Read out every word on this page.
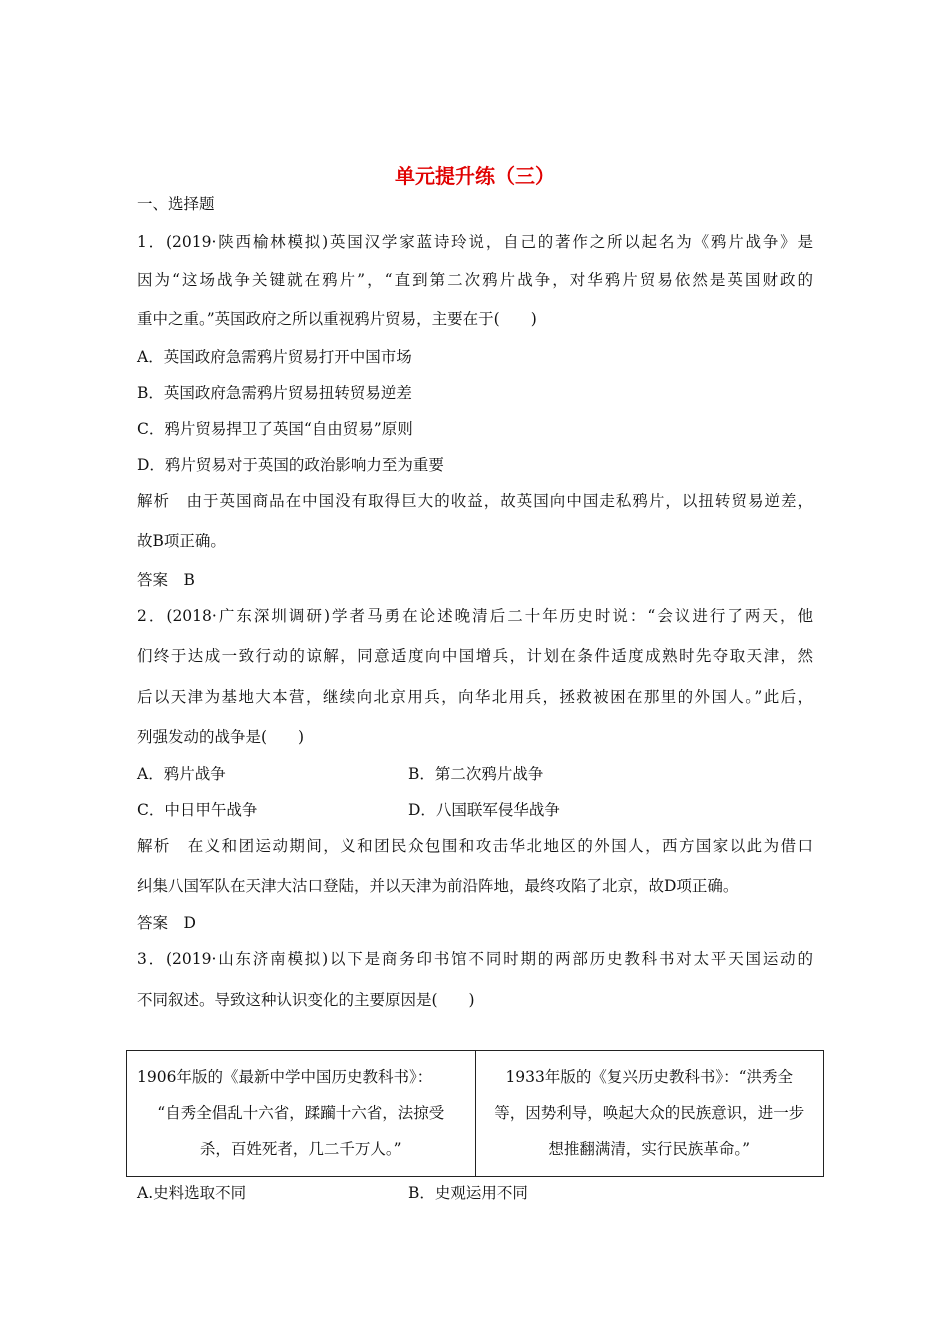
单元提升练（三）
一、选择题
1．(2019·陕西榆林模拟)英国汉学家蓝诗玲说，自己的著作之所以起名为《鸦片战争》是
因为“这场战争关键就在鸦片”，“直到第二次鸦片战争，对华鸦片贸易依然是英国财政的
重中之重。”英国政府之所以重视鸦片贸易，主要在于(　　)
A．英国政府急需鸦片贸易打开中国市场
B．英国政府急需鸦片贸易扭转贸易逆差
C．鸦片贸易捍卫了英国“自由贸易”原则
D．鸦片贸易对于英国的政治影响力至为重要
解析　由于英国商品在中国没有取得巨大的收益，故英国向中国走私鸦片，以扭转贸易逆差，
故B项正确。
答案　B
2．(2018·广东深圳调研)学者马勇在论述晚清后二十年历史时说：“会议进行了两天，他
们终于达成一致行动的谅解，同意适度向中国增兵，计划在条件适度成熟时先夺取天津，然
后以天津为基地大本营，继续向北京用兵，向华北用兵，拯救被困在那里的外国人。”此后，
列强发动的战争是(　　)
A．鸦片战争	B．第二次鸦片战争
C．中日甲午战争	D．八国联军侵华战争
解析　在义和团运动期间，义和团民众包围和攻击华北地区的外国人，西方国家以此为借口
纠集八国军队在天津大沽口登陆，并以天津为前沿阵地，最终攻陷了北京，故D项正确。
答案　D
3．(2019·山东济南模拟)以下是商务印书馆不同时期的两部历史教科书对太平天国运动的
不同叙述。导致这种认识变化的主要原因是(　　)
1906年版的《最新中学中国历史教科书》：
“自秀全倡乱十六省，蹂躏十六省，法掠受
杀，百姓死者，几二千万人。”
1933年版的《复兴历史教科书》：“洪秀全
等，因势利导，唤起大众的民族意识，进一步
想推翻满清，实行民族革命。”
A.史料选取不同	B．史观运用不同
